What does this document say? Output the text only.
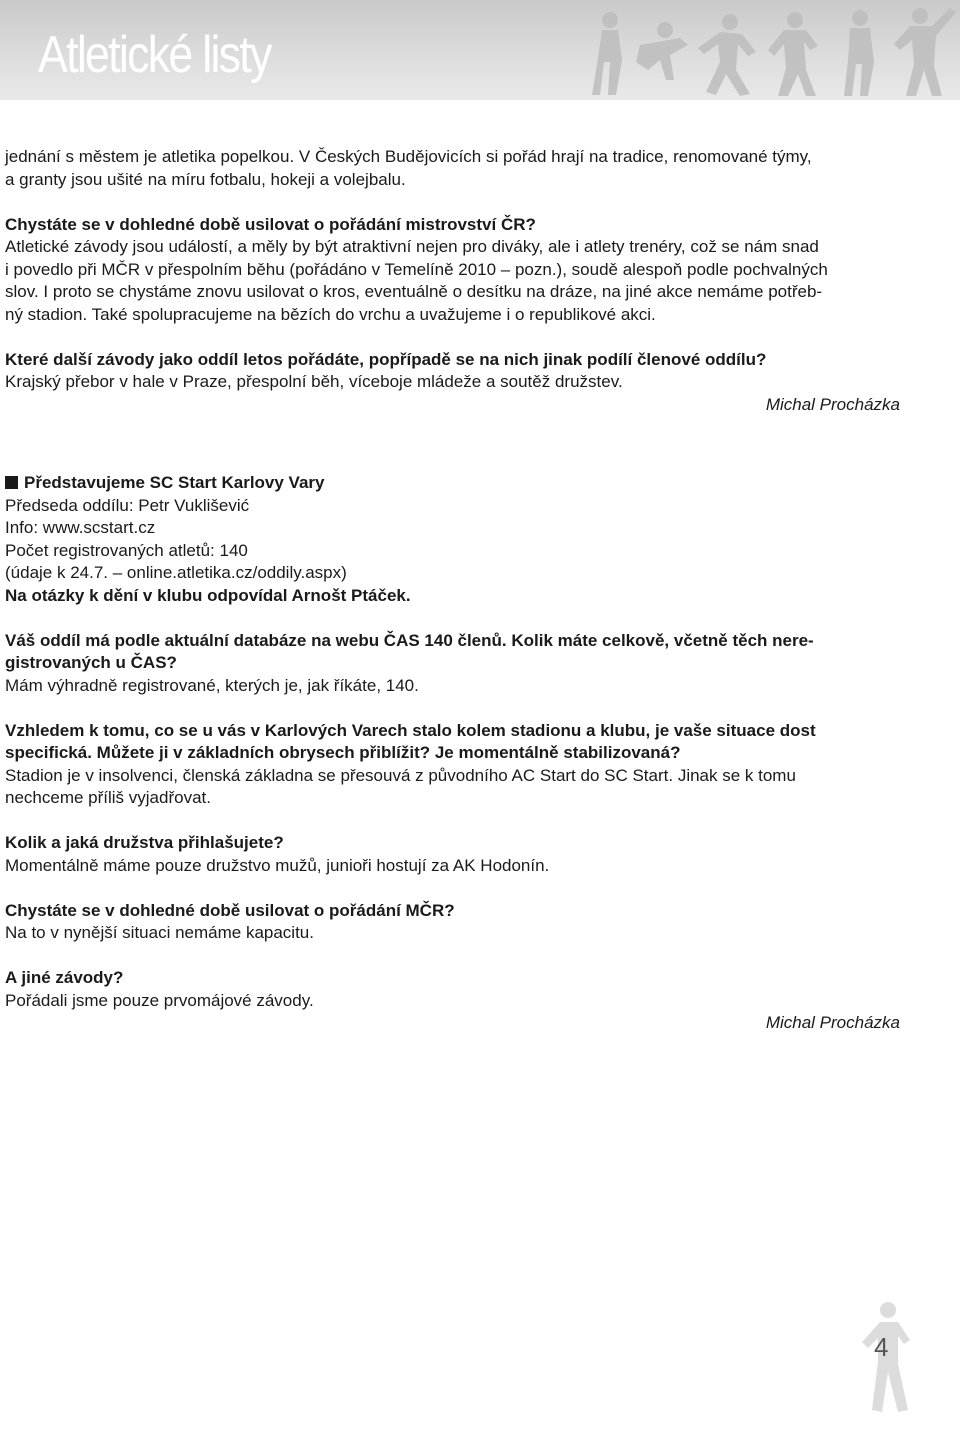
Atletické listy

jednání s městem je atletika popelkou. V Českých Budějovicích si pořád hrají na tradice, renomované týmy,

a granty jsou ušité na míru fotbalu, hokeji a volejbalu.

Chystáte se v dohledné době usilovat o pořádání mistrovství ČR?

Atletické závody jsou událostí, a měly by být atraktivní nejen pro diváky, ale i atlety trenéry, což se nám snad

i povedlo při MČR v přespolním běhu (pořádáno v Temelíně 2010 – pozn.), soudě alespoň podle pochvalných

slov. I proto se chystáme znovu usilovat o kros, eventuálně o desítku na dráze, na jiné akce nemáme potřeb-

ný stadion. Také spolupracujeme na bězích do vrchu a uvažujeme i o republikové akci.

Které další závody jako oddíl letos pořádáte, popřípadě se na nich jinak podílí členové oddílu?

Krajský přebor v hale v Praze, přespolní běh, víceboje mládeže a soutěž družstev.

Michal Procházka

Představujeme SC Start Karlovy Vary

Předseda oddílu: Petr Vuklišević

Info: www.scstart.cz

Počet registrovaných atletů: 140

(údaje k 24.7. – online.atletika.cz/oddily.aspx)

Na otázky k dění v klubu odpovídal Arnošt Ptáček.

Váš oddíl má podle aktuální databáze na webu ČAS 140 členů. Kolik máte celkově, včetně těch nere-

gistrovaných u ČAS?

Mám výhradně registrované, kterých je, jak říkáte, 140.

Vzhledem k tomu, co se u vás v Karlových Varech stalo kolem stadionu a klubu, je vaše situace dost

specifická. Můžete ji v základních obrysech přiblížit? Je momentálně stabilizovaná?

Stadion je v insolvenci, členská základna se přesouvá z původního AC Start do SC Start. Jinak se k tomu

nechceme příliš vyjadřovat.

Kolik a jaká družstva přihlašujete?

Momentálně máme pouze družstvo mužů, junioři hostují za AK Hodonín.

Chystáte se v dohledné době usilovat o pořádání MČR?

Na to v nynější situaci nemáme kapacitu.

A jiné závody?

Pořádali jsme pouze prvomájové závody.

Michal Procházka

4
